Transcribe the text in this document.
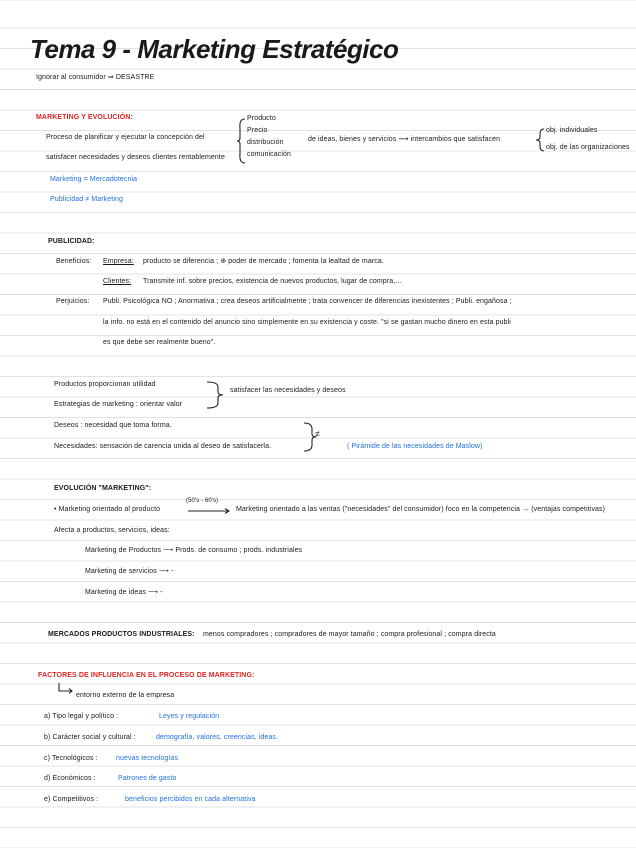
Tema 9 - Marketing Estratégico
Ignorar al consumidor ⇒ DESASTRE
MARKETING Y EVOLUCIÓN:
Proceso de planificar y ejecutar la concepción del
Producto
Precio
distribución
comunicación
de ideas, bienes y servicios ⟿ intercambios que satisfacen
obj. individuales
obj. de las organizaciones
satisfacer necesidades y deseos clientes rentablemente
Marketing = Mercadotecnia
Publicidad ≠ Marketing
PUBLICIDAD:
Beneficios: Empresa: producto se diferencia ; ⊕ poder de mercado ; fomenta la lealtad de marca.
Clientes: Transmite inf. sobre precios, existencia de nuevos productos, lugar de compra,...
Perjuicios: Publi. Psicológica NO ; Anormativa ; crea deseos artificialmente ; trata convencer de diferencias inexistentes ; Publi. engañosa ;
la info. no está en el contenido del anuncio sino simplemente en su existencia y coste. "si se gastan mucho dinero en esta publi
es que debe ser realmente bueno".
Productos proporcionan utilidad
Estrategias de marketing : orientar valor
satisfacer las necesidades y deseos
Deseos : necesidad que toma forma.
Necesidades: sensación de carencia unida al deseo de satisfacerla.
≠
( Pirámide de las necesidades de Maslow)
EVOLUCIÓN "MARKETING":
(50's - 60's)
• Marketing orientado al producto	Marketing orientado a las ventas ("necesidades" del consumidor) foco en la competencia → (ventajas competitivas)
Afecta a productos, servicios, ideas:
Marketing de Productos ⟶ Prods. de consumo ; prods. industriales
Marketing de servicios ⟶ -
Marketing de ideas ⟶ -
MERCADOS PRODUCTOS INDUSTRIALES: menos compradores ; compradores de mayor tamaño ; compra profesional ; compra directa
FACTORES DE INFLUENCIA EN EL PROCESO DE MARKETING:
entorno externo de la empresa
a) Tipo legal y político :	Leyes y regulación
b) Carácter social y cultural :	demografía, valores, creencias, ideas.
c) Tecnológicos :	nuevas tecnologías
d) Económicos :	Patrones de gasto
e) Competitivos :	beneficios percibidos en cada alternativa
